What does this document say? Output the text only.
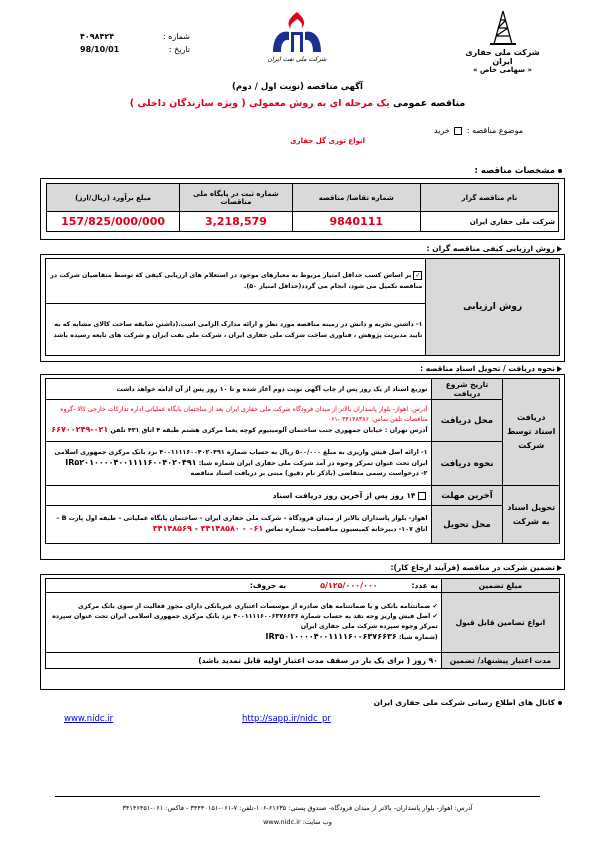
شرکت ملی حفاری ایران
« سهامی خاص »
شرکت ملی نفت ایران
شماره :
۴۰۹۸۴۲۴
تاریخ :
98/10/01
آگهی مناقصه (نوبت اول / دوم)
مناقصه عمومی یک مرحله ای به روش معمولی ( ویژه سازندگان داخلی )
موضوع مناقصه :  خرید
انواع توری گل حفاری
مشخصات مناقصه :
نام مناقصه گزار	شماره تقاضا/ مناقصه	شماره ثبت در پایگاه ملی مناقصات	مبلغ برآورد (ریال/ارز)
شرکت ملی حفاری ایران	9840111	3,218,579	157/825/000/000
روش ارزیابی کیفی مناقصه گران :
روش ارزیابی	✓بر اساس کسب حداقل امتیاز مربوط به معیارهای موجود در استعلام های ارزیابی کیفی که توسط متقاضیان شرکت در مناقصه تکمیل می شود، انجام می گردد(حداقل امتیاز ۵۰).
۱- داشتن تجربه و دانش در زمینه مناقصه مورد نظر و ارائه مدارک الزامی است.(داشتن سابقه ساخت کالای مشابه که به تایید مدیریت پژوهش ، فناوری ساخت شرکت ملی حفاری ایران ، شرکت ملی نفت ایران و شرکت های تابعه رسیده باشد
نحوه دریافت / تحویل اسناد مناقصه :
دریافت اسناد توسط شرکت	تاریخ شروع دریافت	توزیع اسناد از یک روز پس از چاپ آگهی نوبت دوم آغاز شده و تا ۱۰ روز پس از آن ادامه خواهد داشت
	محل دریافت	آدرس: اهواز- بلوار پاسداران بالاتر از میدان فرودگاه شرکت ملی حفاری ایران بعد از ساختمان پایگاه عملیاتی اداره تدارکات خارجی کالا -گروه مناقصات تلفن تماس: ۳۴۱۴۸۳۸۶ -۰۶۱
آدرس تهران : خیابان جمهوری جنب ساختمان آلومینیوم کوچه یغما مرکزی هشتم طبقه ۴ اتاق ۴۳۱ تلفن ۰۲۱-۶۶۷۰۰۲۴۹

	نحوه دریافت	۱- ارائه اصل فیش واریزی به مبلغ ۵۰۰/۰۰۰ ریال به حساب شماره ۴۰۰۱۱۱۱۶۰۰۴۰۲۰۴۹۱ نزد بانک مرکزی جمهوری اسلامی ایران تحت عنوان تمرکز وجوه در آمد شرکت ملی حفاری ایران شماره شبا: IR۵۲۰۱۰۰۰۰۴۰۰۱۱۱۱۶۰۰۴۰۲۰۴۹۱
۲- درخواست رسمی متقاضی (باذکر نام دقیق) مبنی بر دریافت اسناد مناقصه

تحویل اسناد به شرکت	آخرین مهلت	۱۴ روز پس از آخرین روز دریافت اسناد
	محل تحویل	اهواز- بلوار پاسداران بالاتر از میدان فرودگاه – شرکت ملی حفاری ایران – ساختمان پایگاه عملیاتی – طبقه اول پارت B – اتاق ۱۰۷- دبیرخانه کمیسیون مناقصات- شماره تماس ۰۶۱ - ۳۴۱۴۸۵۸۰ - ۳۴۱۴۸۵۶۹
تضمین شرکت در مناقصه (فرآیند ارجاع کار):
مبلغ تضمین	به عدد: ۵/۱۲۵/۰۰۰/۰۰۰ به حروف:
انواع تضامین قابل قبول	✔ ضمانتنامه بانکی و یا ضمانتنامه های صادره از موسسات اعتباری غیربانکی دارای مجوز فعالیت از سوی بانک مرکزی
✔ اصل فیش واریز وجه نقد به حساب شماره ۴۰۰۱۱۱۱۶۰۰۶۳۷۶۶۳۶ نزد بانک مرکزی جمهوری اسلامی ایران تحت عنوان سپرده تمرکز وجوه سپرده شرکت ملی حفاری ایران
(شماره شبا: IR۳۵۰۱۰۰۰۰۴۰۰۱۱۱۱۶۰۰۶۳۷۶۶۳۶

مدت اعتبار پیشنهاد/ تضمین	۹۰ روز ( برای یک بار در سقف مدت اعتبار اولیه قابل تمدید باشد)
کانال های اطلاع رسانی شرکت ملی حفاری ایران
www.nidc.ir	http://sapp.ir/nidc_pr
آدرس: اهواز- بلوار پاسداران- بالاتر از میدان فرودگاه- صندوق پستی: ۶۱۶۳۵-۱۰۶-تلفن: ۷-۰۶۱-۳۴۴۴۰۱۵۱ - فاکس: ۰۶۱-۳۴۱۴۶۴۵۱
وب سایت: www.nidc.ir
